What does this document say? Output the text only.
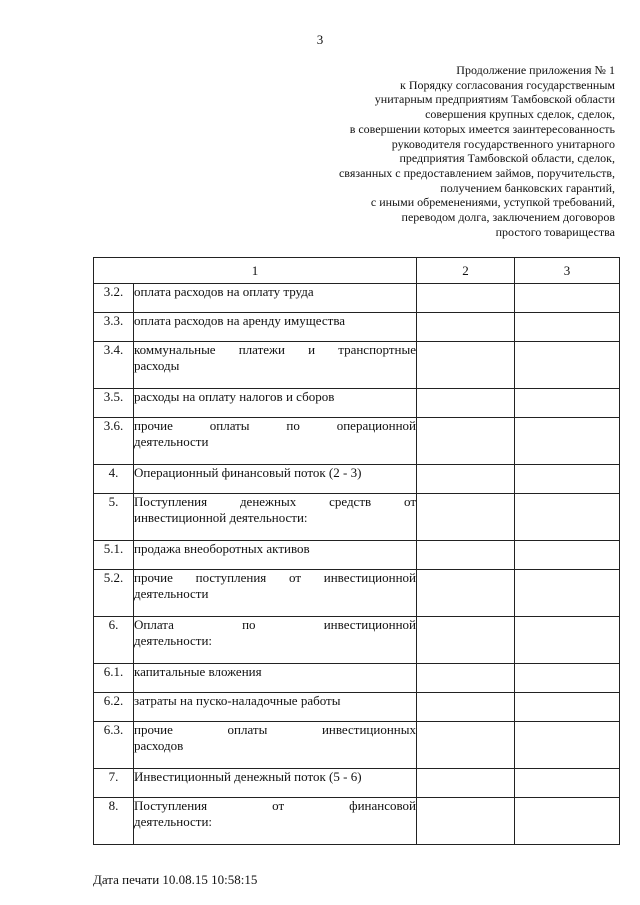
3
Продолжение приложения № 1
к Порядку согласования государственным
унитарным предприятиям Тамбовской области
совершения крупных сделок, сделок,
в совершении которых имеется заинтересованность
руководителя государственного унитарного
предприятия Тамбовской области, сделок,
связанных с предоставлением займов, поручительств,
получением банковских гарантий,
с иными обременениями, уступкой требований,
переводом долга, заключением договоров
простого товарищества
1		2	3
3.2.	оплата расходов на оплату труда		
3.3.	оплата расходов на аренду имущества		
3.4.	коммунальные платежи и транспортные
расходы		

3.5.	расходы на оплату налогов и сборов		
3.6.	прочие оплаты по операционной
деятельности		

4.	Операционный финансовый поток (2 - 3)		
5.	Поступления денежных средств от
инвестиционной деятельности:		

5.1.	продажа внеоборотных активов		
5.2.	прочие поступления от инвестиционной
деятельности		

6.	Оплата по инвестиционной
деятельности:		

6.1.	капитальные вложения		
6.2.	затраты на пуско-наладочные работы		
6.3.	прочие оплаты инвестиционных
расходов		

7.	Инвестиционный денежный поток (5 - 6)		
8.	Поступления от финансовой
деятельности:		

Дата печати 10.08.15 10:58:15
